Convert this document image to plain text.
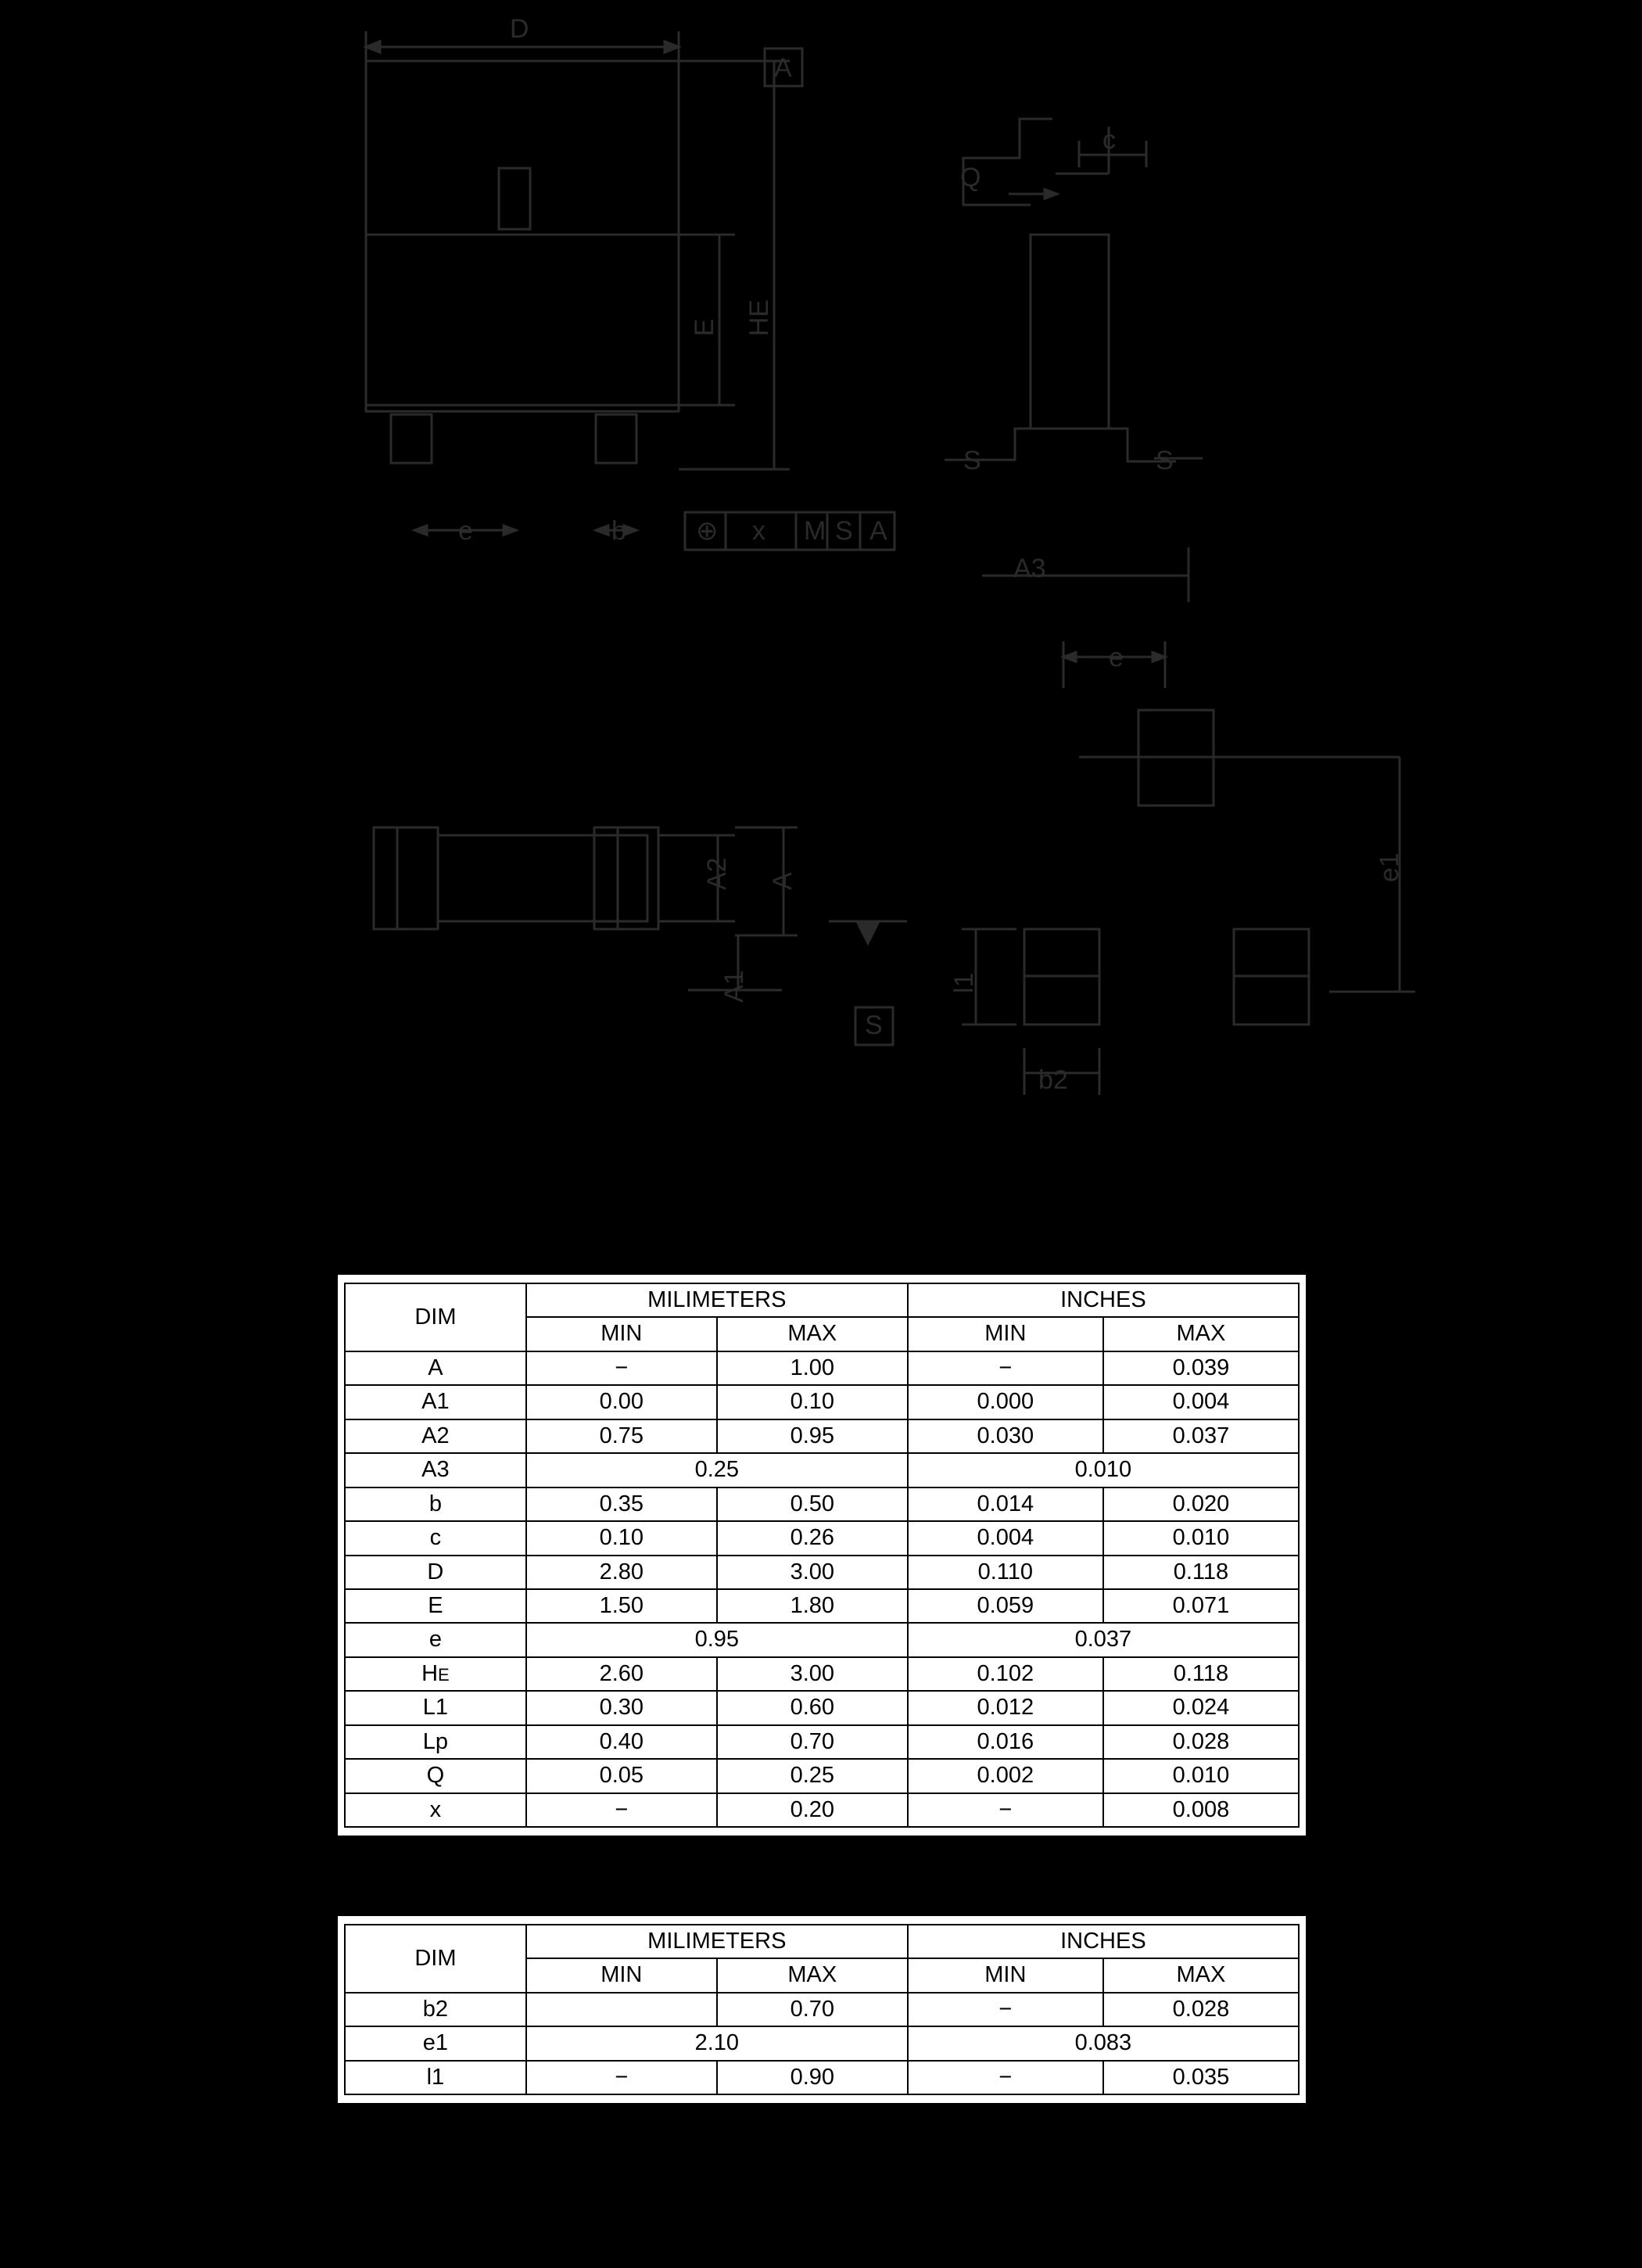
D
A
E HE
e	b	⊕ x M S A
Q
c
S	S
A3
A2 A
A1
S
e
e1
l1
b2
DIM	MILIMETERS		INCHES	
	MIN	MAX	MIN	MAX
A	−	1.00	−	0.039
A1	0.00	0.10	0.000	0.004
A2	0.75	0.95	0.030	0.037
A3	0.25		0.010	
b	0.35	0.50	0.014	0.020
c	0.10	0.26	0.004	0.010
D	2.80	3.00	0.110	0.118
E	1.50	1.80	0.059	0.071
e	0.95		0.037	
HE	2.60	3.00	0.102	0.118
L1	0.30	0.60	0.012	0.024
Lp	0.40	0.70	0.016	0.028
Q	0.05	0.25	0.002	0.010
x	−	0.20	−	0.008
DIM	MILIMETERS		INCHES	
	MIN	MAX	MIN	MAX
b2		0.70	−	0.028
e1	2.10		0.083	
l1	−	0.90	−	0.035
